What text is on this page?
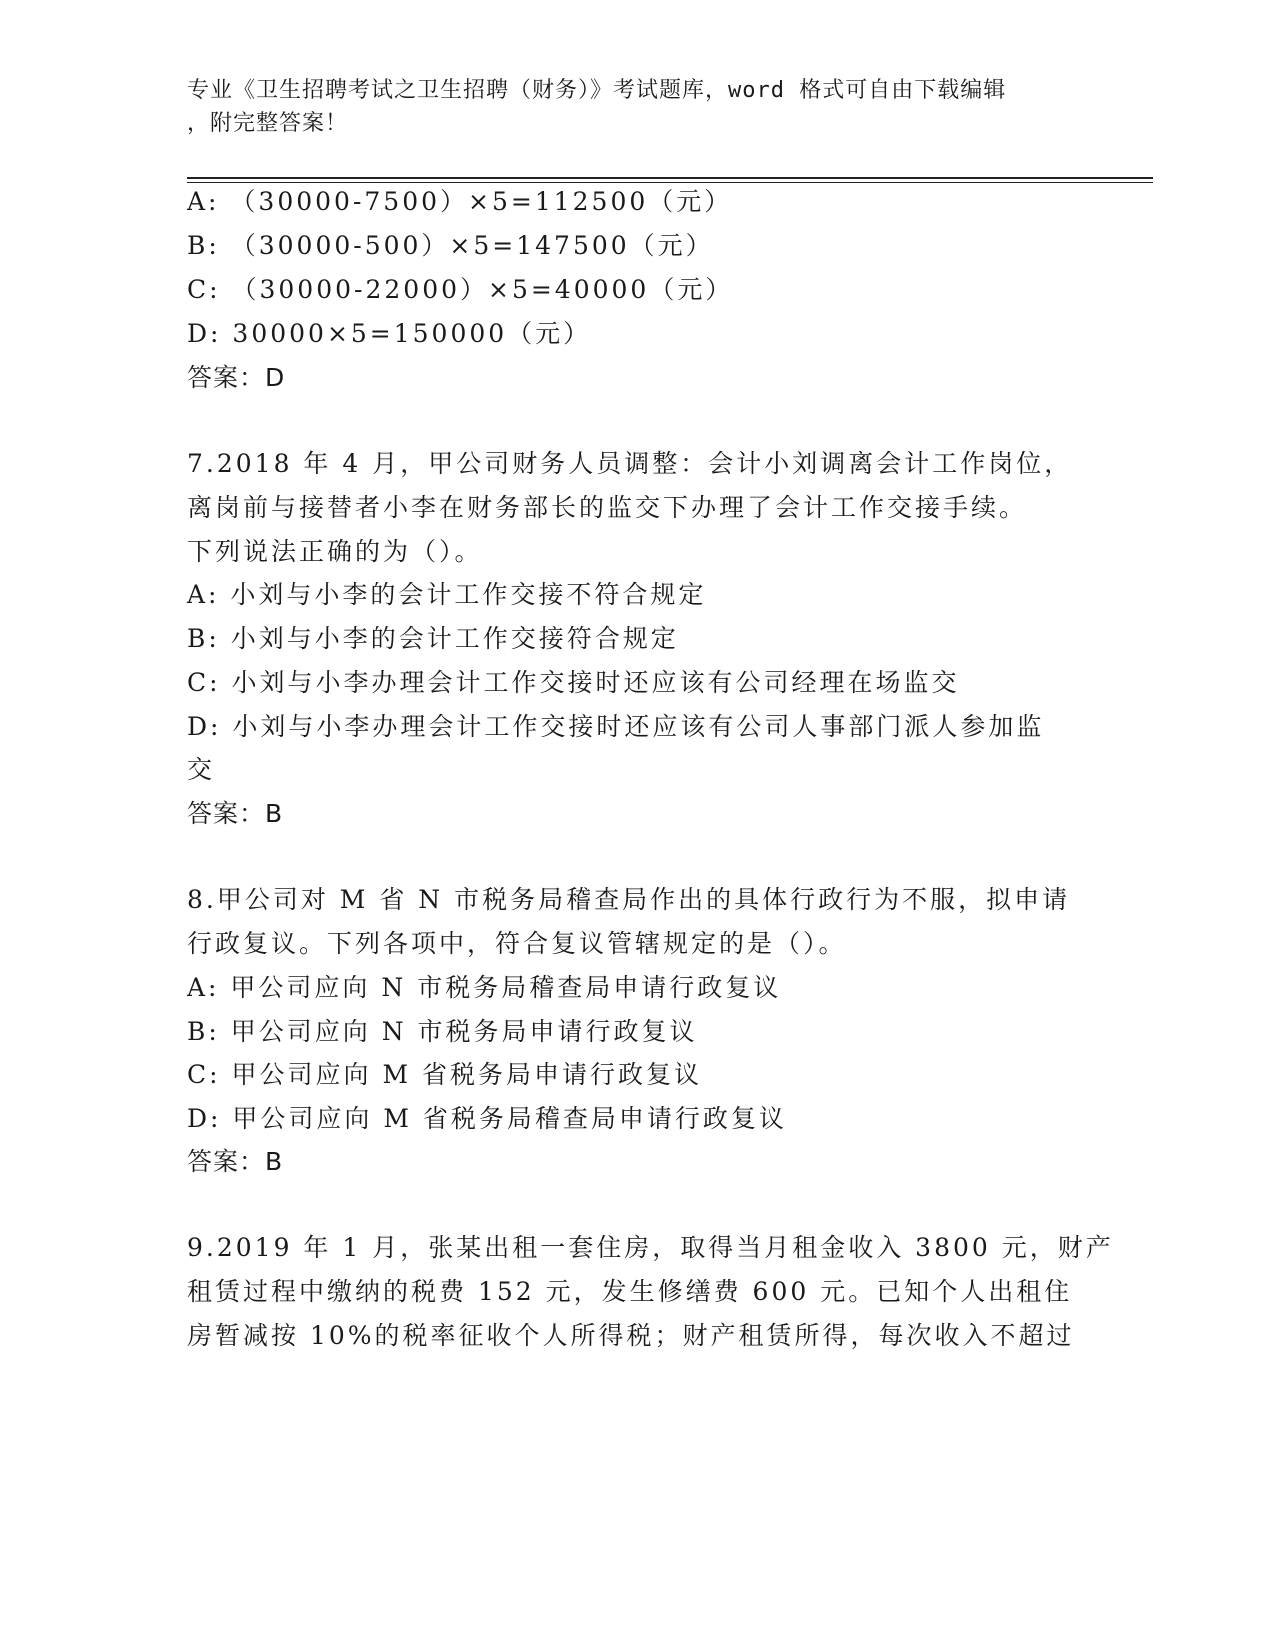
专业《卫生招聘考试之卫生招聘（财务）》考试题库，word 格式可自由下载编辑
，附完整答案！
A: （30000-7500）×5=112500（元）
B: （30000-500）×5=147500（元）
C: （30000-22000）×5=40000（元）
D: 30000×5=150000（元）
答案：D
7.2018 年 4 月，甲公司财务人员调整：会计小刘调离会计工作岗位，
离岗前与接替者小李在财务部长的监交下办理了会计工作交接手续。
下列说法正确的为（）。
A: 小刘与小李的会计工作交接不符合规定
B: 小刘与小李的会计工作交接符合规定
C: 小刘与小李办理会计工作交接时还应该有公司经理在场监交
D: 小刘与小李办理会计工作交接时还应该有公司人事部门派人参加监
交
答案：B
8.甲公司对 M 省 N 市税务局稽查局作出的具体行政行为不服，拟申请
行政复议。下列各项中，符合复议管辖规定的是（）。
A: 甲公司应向 N 市税务局稽查局申请行政复议
B: 甲公司应向 N 市税务局申请行政复议
C: 甲公司应向 M 省税务局申请行政复议
D: 甲公司应向 M 省税务局稽查局申请行政复议
答案：B
9.2019 年 1 月，张某出租一套住房，取得当月租金收入 3800 元，财产
租赁过程中缴纳的税费 152 元，发生修缮费 600 元。已知个人出租住
房暂减按 10%的税率征收个人所得税；财产租赁所得，每次收入不超过
